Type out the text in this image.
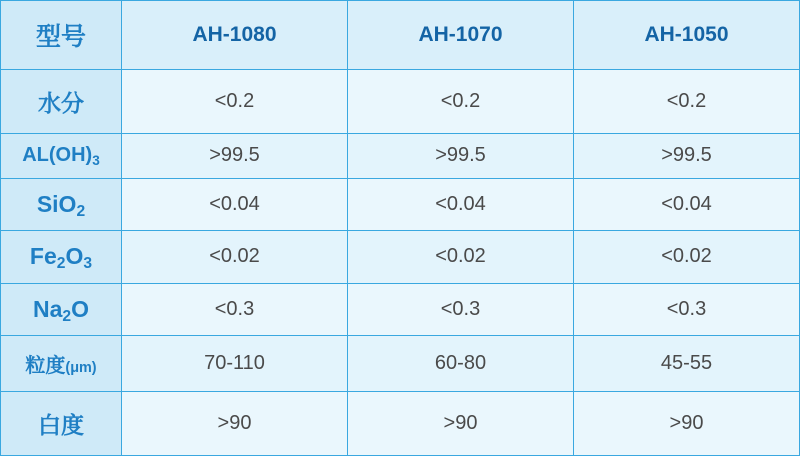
型号	AH-1080	AH-1070	AH-1050
水分	<0.2	<0.2	<0.2
$AL(OH)_3$	>99.5	>99.5	>99.5
SiO$_2$	<0.04	<0.04	<0.04
$Fe_2O_3$	<0.02	<0.02	<0.02
$Na_2O$	<0.3	<0.3	<0.3
粒度(μm)	70-110	60-80	45-55
白度	>90	>90	>90
